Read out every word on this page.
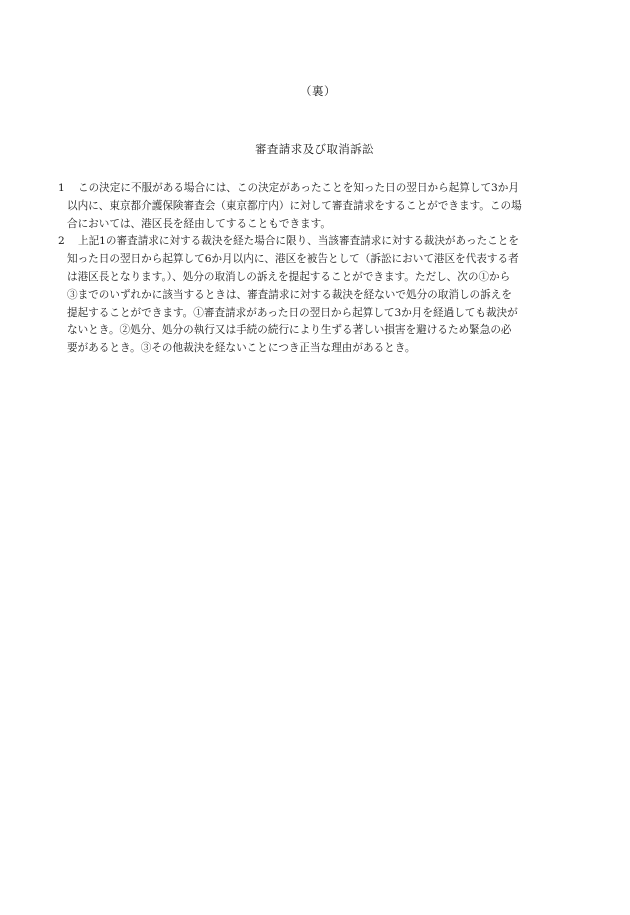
（裏）
審査請求及び取消訴訟
1 この決定に不服がある場合には、この決定があったことを知った日の翌日から起算して3か月
以内に、東京都介護保険審査会（東京都庁内）に対して審査請求をすることができます。この場
合においては、港区長を経由してすることもできます。
2 上記1の審査請求に対する裁決を経た場合に限り、当該審査請求に対する裁決があったことを
知った日の翌日から起算して6か月以内に、港区を被告として（訴訟において港区を代表する者
は港区長となります。）、処分の取消しの訴えを提起することができます。ただし、次の①から
③までのいずれかに該当するときは、審査請求に対する裁決を経ないで処分の取消しの訴えを
提起することができます。①審査請求があった日の翌日から起算して3か月を経過しても裁決が
ないとき。②処分、処分の執行又は手続の続行により生ずる著しい損害を避けるため緊急の必
要があるとき。③その他裁決を経ないことにつき正当な理由があるとき。
